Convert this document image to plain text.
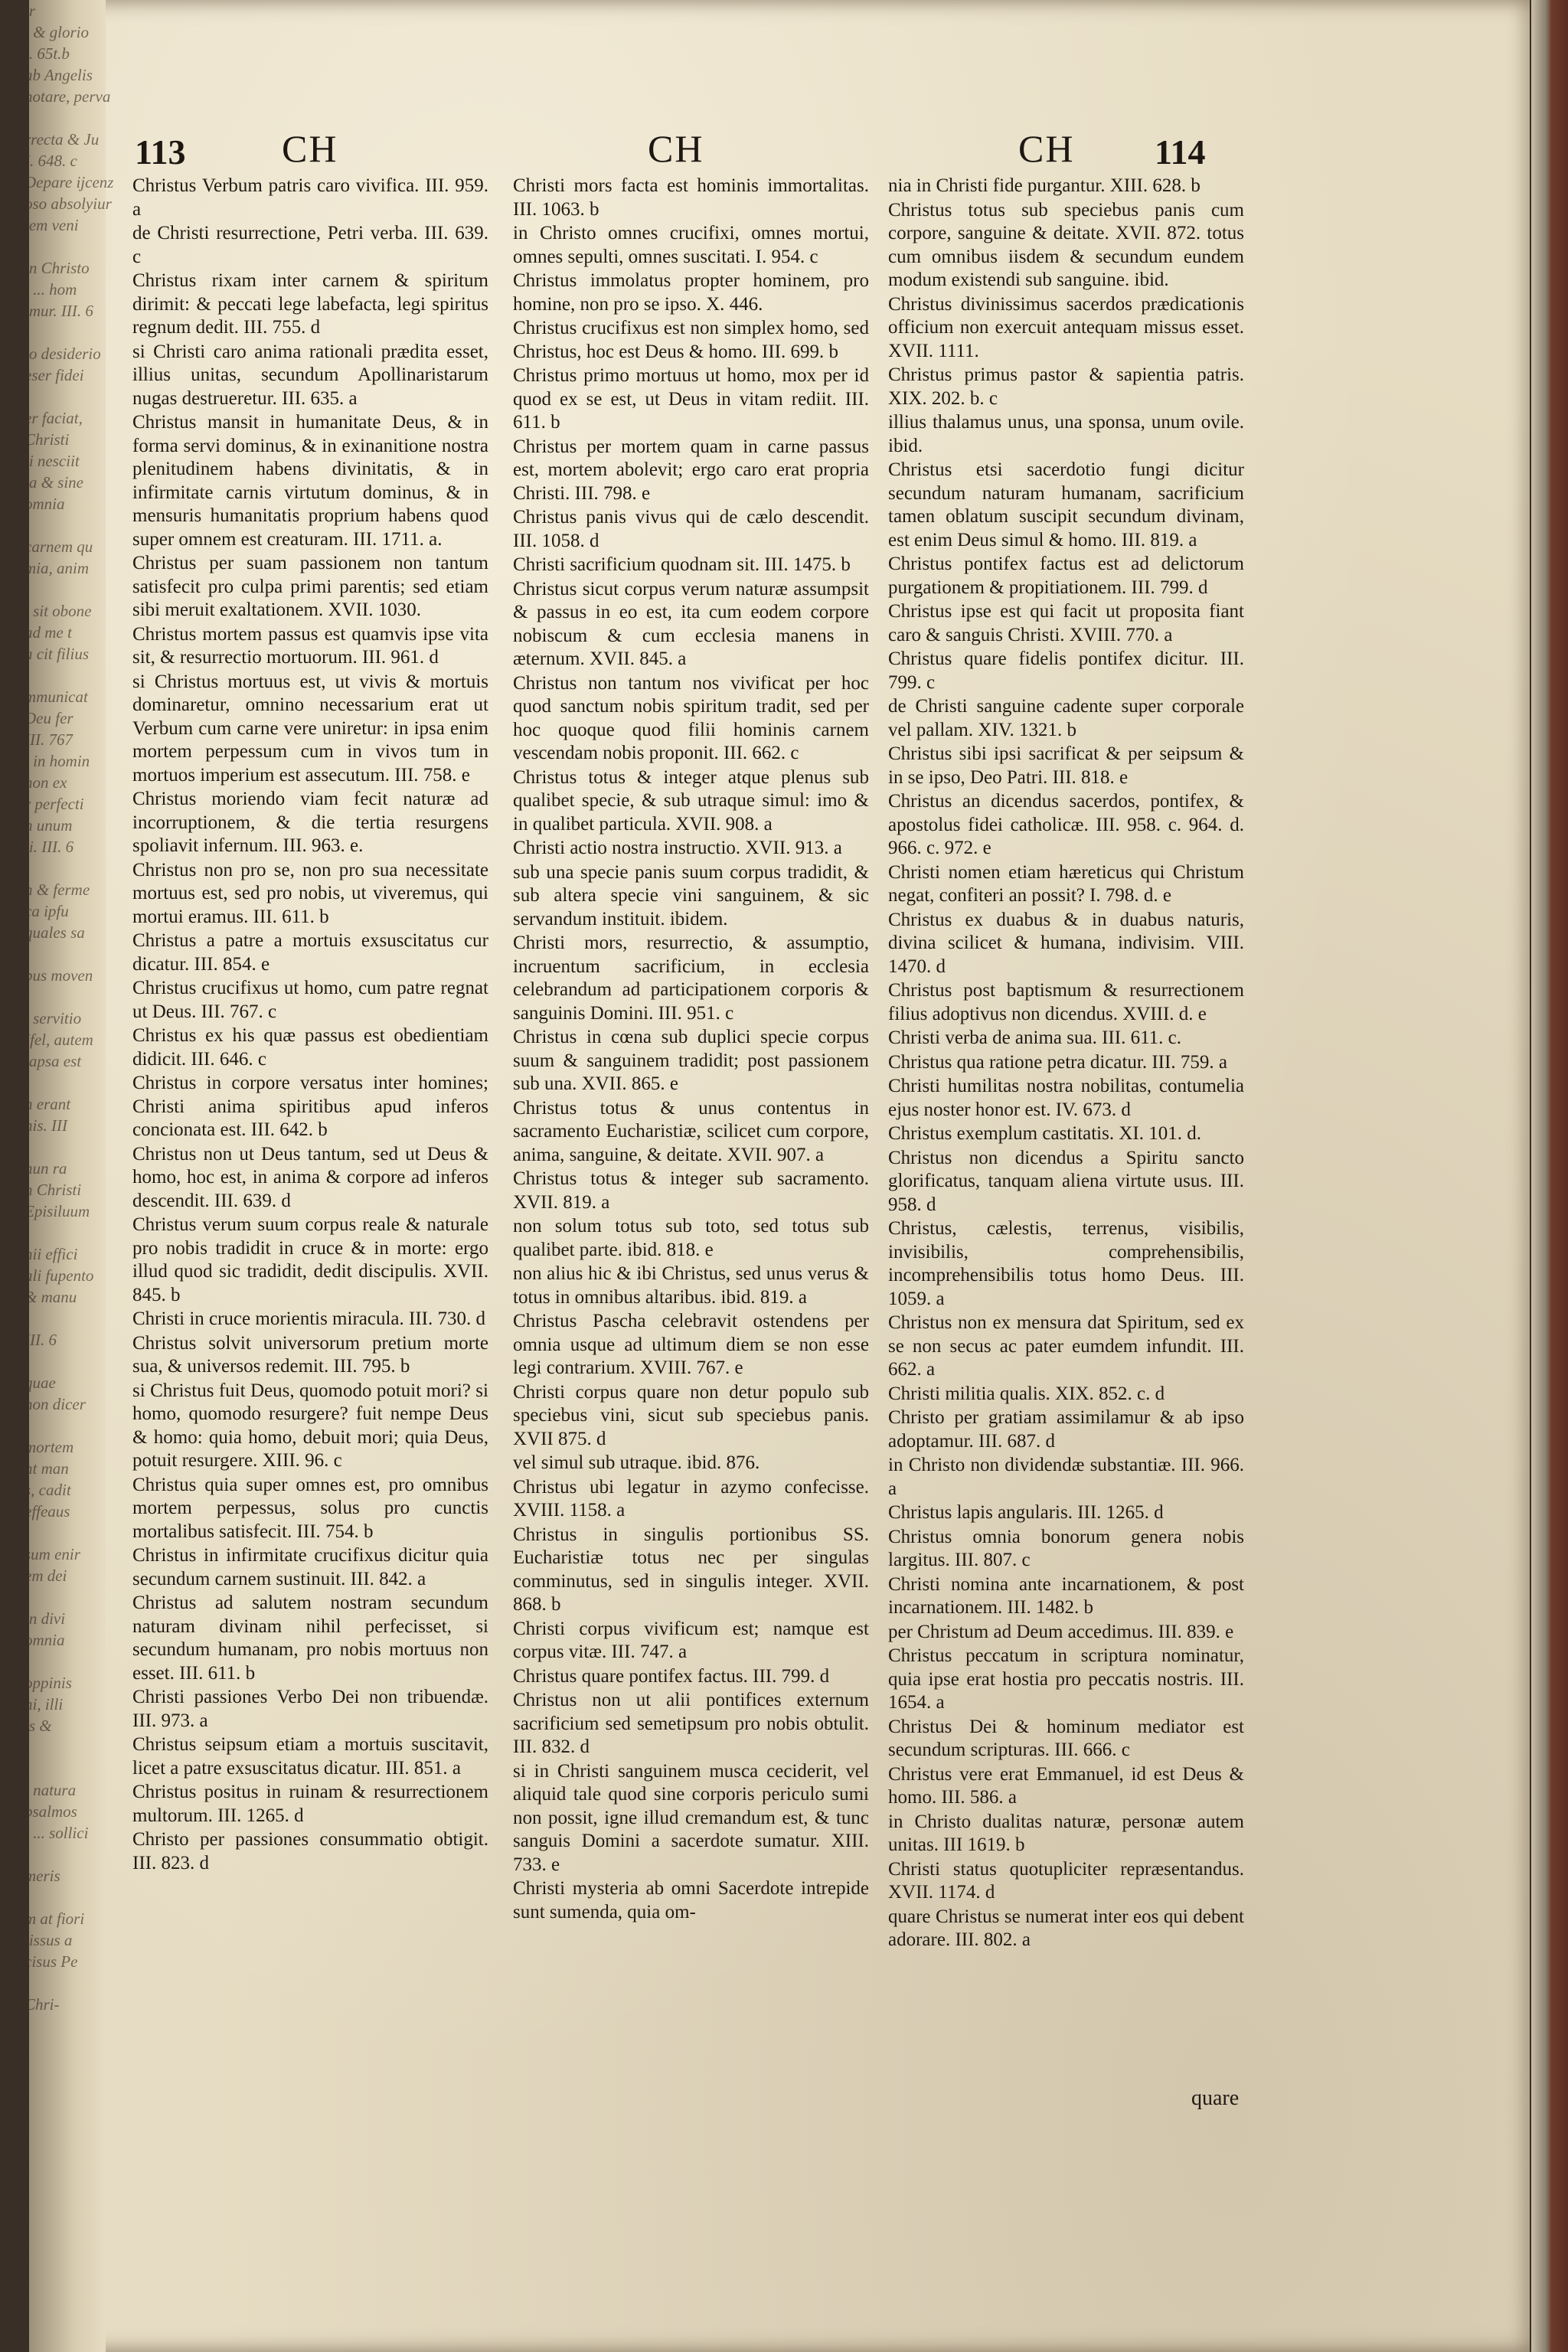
tr
t & glorio
i. 65t.b
ab Angelis
notare, perva

rrecta & Ju
I. 648. c
Depare ijcenz
oso absolyiur
tem veni

in Christo
t ... hom
imur. III. 6

to desiderio
eser fidei

er faciat,
Christi
ti nesciit
ta & sine
omnia

carnem qu
mia, anim

i sit obone
ad me t
a cit filius

mmunicat
Deu fer
III. 767
t in homin
non ex
r perfecti
n unum
ii. III. 6

n & ferme
ca ipfu
quales sa

bus moven

t servitio
Ifel, autem
lapsa est

n erant
nis. III

nun ra
n Christi
Episiluum

nii effici
ali fupento
& manu

III. 6

quae
non dicer

mortem
nt man
s, cadit
effeaus

sum enir
em dei

in divi
omnia

oppinis
ni, illi
is &

t natura
psalmos
i ... sollici

meris

m at fiori
lissus a
cisus Pe

Chri-
113	CH	CH	CH 114
Christus Verbum patris caro vivifica. III. 959. a
de Christi resurrectione, Petri verba. III. 639. c
Christus rixam inter carnem & spiritum dirimit: & peccati lege labefacta, legi spiritus regnum dedit. III. 755. d
si Christi caro anima rationali prædita esset, illius unitas, secundum Apollinaristarum nugas destrueretur. III. 635. a
Christus mansit in humanitate Deus, & in forma servi dominus, & in exinanitione nostra plenitudinem habens divinitatis, & in infirmitate carnis virtutum dominus, & in mensuris humanitatis proprium habens quod super omnem est creaturam. III. 1711. a.
Christus per suam passionem non tantum satisfecit pro culpa primi parentis; sed etiam sibi meruit exaltationem. XVII. 1030.
Christus mortem passus est quamvis ipse vita sit, & resurrectio mortuorum. III. 961. d
si Christus mortuus est, ut vivis & mortuis dominaretur, omnino necessarium erat ut Verbum cum carne vere uniretur: in ipsa enim mortem perpessum cum in vivos tum in mortuos imperium est assecutum. III. 758. e
Christus moriendo viam fecit naturæ ad incorruptionem, & die tertia resurgens spoliavit infernum. III. 963. e.
Christus non pro se, non pro sua necessitate mortuus est, sed pro nobis, ut viveremus, qui mortui eramus. III. 611. b
Christus a patre a mortuis exsuscitatus cur dicatur. III. 854. e
Christus crucifixus ut homo, cum patre regnat ut Deus. III. 767. c
Christus ex his quæ passus est obedientiam didicit. III. 646. c
Christus in corpore versatus inter homines; Christi anima spiritibus apud inferos concionata est. III. 642. b
Christus non ut Deus tantum, sed ut Deus & homo, hoc est, in anima & corpore ad inferos descendit. III. 639. d
Christus verum suum corpus reale & naturale pro nobis tradidit in cruce & in morte: ergo illud quod sic tradidit, dedit discipulis. XVII. 845. b
Christi in cruce morientis miracula. III. 730. d
Christus solvit universorum pretium morte sua, & universos redemit. III. 795. b
si Christus fuit Deus, quomodo potuit mori? si homo, quomodo resurgere? fuit nempe Deus & homo: quia homo, debuit mori; quia Deus, potuit resurgere. XIII. 96. c
Christus quia super omnes est, pro omnibus mortem perpessus, solus pro cunctis mortalibus satisfecit. III. 754. b
Christus in infirmitate crucifixus dicitur quia secundum carnem sustinuit. III. 842. a
Christus ad salutem nostram secundum naturam divinam nihil perfecisset, si secundum humanam, pro nobis mortuus non esset. III. 611. b
Christi passiones Verbo Dei non tribuendæ. III. 973. a
Christus seipsum etiam a mortuis suscitavit, licet a patre exsuscitatus dicatur. III. 851. a
Christus positus in ruinam & resurrectionem multorum. III. 1265. d
Christo per passiones consummatio obtigit. III. 823. d
Christi mors facta est hominis immortalitas. III. 1063. b
in Christo omnes crucifixi, omnes mortui, omnes sepulti, omnes suscitati. I. 954. c
Christus immolatus propter hominem, pro homine, non pro se ipso. X. 446.
Christus crucifixus est non simplex homo, sed Christus, hoc est Deus & homo. III. 699. b
Christus primo mortuus ut homo, mox per id quod ex se est, ut Deus in vitam rediit. III. 611. b
Christus per mortem quam in carne passus est, mortem abolevit; ergo caro erat propria Christi. III. 798. e
Christus panis vivus qui de cælo descendit. III. 1058. d
Christi sacrificium quodnam sit. III. 1475. b
Christus sicut corpus verum naturæ assumpsit & passus in eo est, ita cum eodem corpore nobiscum & cum ecclesia manens in æternum. XVII. 845. a
Christus non tantum nos vivificat per hoc quod sanctum nobis spiritum tradit, sed per hoc quoque quod filii hominis carnem vescendam nobis proponit. III. 662. c
Christus totus & integer atque plenus sub qualibet specie, & sub utraque simul: imo & in qualibet particula. XVII. 908. a
Christi actio nostra instructio. XVII. 913. a
sub una specie panis suum corpus tradidit, & sub altera specie vini sanguinem, & sic servandum instituit. ibidem.
Christi mors, resurrectio, & assumptio, incruentum sacrificium, in ecclesia celebrandum ad participationem corporis & sanguinis Domini. III. 951. c
Christus in cœna sub duplici specie corpus suum & sanguinem tradidit; post passionem sub una. XVII. 865. e
Christus totus & unus contentus in sacramento Eucharistiæ, scilicet cum corpore, anima, sanguine, & deitate. XVII. 907. a
Christus totus & integer sub sacramento. XVII. 819. a
non solum totus sub toto, sed totus sub qualibet parte. ibid. 818. e
non alius hic & ibi Christus, sed unus verus & totus in omnibus altaribus. ibid. 819. a
Christus Pascha celebravit ostendens per omnia usque ad ultimum diem se non esse legi contrarium. XVIII. 767. e
Christi corpus quare non detur populo sub speciebus vini, sicut sub speciebus panis. XVII 875. d
vel simul sub utraque. ibid. 876.
Christus ubi legatur in azymo confecisse. XVIII. 1158. a
Christus in singulis portionibus SS. Eucharistiæ totus nec per singulas comminutus, sed in singulis integer. XVII. 868. b
Christi corpus vivificum est; namque est corpus vitæ. III. 747. a
Christus quare pontifex factus. III. 799. d
Christus non ut alii pontifices externum sacrificium sed semetipsum pro nobis obtulit. III. 832. d
si in Christi sanguinem musca ceciderit, vel aliquid tale quod sine corporis periculo sumi non possit, igne illud cremandum est, & tunc sanguis Domini a sacerdote sumatur. XIII. 733. e
Christi mysteria ab omni Sacerdote intrepide sunt sumenda, quia om-
nia in Christi fide purgantur. XIII. 628. b
Christus totus sub speciebus panis cum corpore, sanguine & deitate. XVII. 872. totus cum omnibus iisdem & secundum eundem modum existendi sub sanguine. ibid.
Christus divinissimus sacerdos prædicationis officium non exercuit antequam missus esset. XVII. 1111.
Christus primus pastor & sapientia patris. XIX. 202. b. c
illius thalamus unus, una sponsa, unum ovile. ibid.
Christus etsi sacerdotio fungi dicitur secundum naturam humanam, sacrificium tamen oblatum suscipit secundum divinam, est enim Deus simul & homo. III. 819. a
Christus pontifex factus est ad delictorum purgationem & propitiationem. III. 799. d
Christus ipse est qui facit ut proposita fiant caro & sanguis Christi. XVIII. 770. a
Christus quare fidelis pontifex dicitur. III. 799. c
de Christi sanguine cadente super corporale vel pallam. XIV. 1321. b
Christus sibi ipsi sacrificat & per seipsum & in se ipso, Deo Patri. III. 818. e
Christus an dicendus sacerdos, pontifex, & apostolus fidei catholicæ. III. 958. c. 964. d. 966. c. 972. e
Christi nomen etiam hæreticus qui Christum negat, confiteri an possit? I. 798. d. e
Christus ex duabus & in duabus naturis, divina scilicet & humana, indivisim. VIII. 1470. d
Christus post baptismum & resurrectionem filius adoptivus non dicendus. XVIII. d. e
Christi verba de anima sua. III. 611. c.
Christus qua ratione petra dicatur. III. 759. a
Christi humilitas nostra nobilitas, contumelia ejus noster honor est. IV. 673. d
Christus exemplum castitatis. XI. 101. d.
Christus non dicendus a Spiritu sancto glorificatus, tanquam aliena virtute usus. III. 958. d
Christus, cælestis, terrenus, visibilis, invisibilis, comprehensibilis, incomprehensibilis totus homo Deus. III. 1059. a
Christus non ex mensura dat Spiritum, sed ex se non secus ac pater eumdem infundit. III. 662. a
Christi militia qualis. XIX. 852. c. d
Christo per gratiam assimilamur & ab ipso adoptamur. III. 687. d
in Christo non dividendæ substantiæ. III. 966. a
Christus lapis angularis. III. 1265. d
Christus omnia bonorum genera nobis largitus. III. 807. c
Christi nomina ante incarnationem, & post incarnationem. III. 1482. b
per Christum ad Deum accedimus. III. 839. e
Christus peccatum in scriptura nominatur, quia ipse erat hostia pro peccatis nostris. III. 1654. a
Christus Dei & hominum mediator est secundum scripturas. III. 666. c
Christus vere erat Emmanuel, id est Deus & homo. III. 586. a
in Christo dualitas naturæ, personæ autem unitas. III 1619. b
Christi status quotupliciter repræsentandus. XVII. 1174. d
quare Christus se numerat inter eos qui debent adorare. III. 802. a
quare
